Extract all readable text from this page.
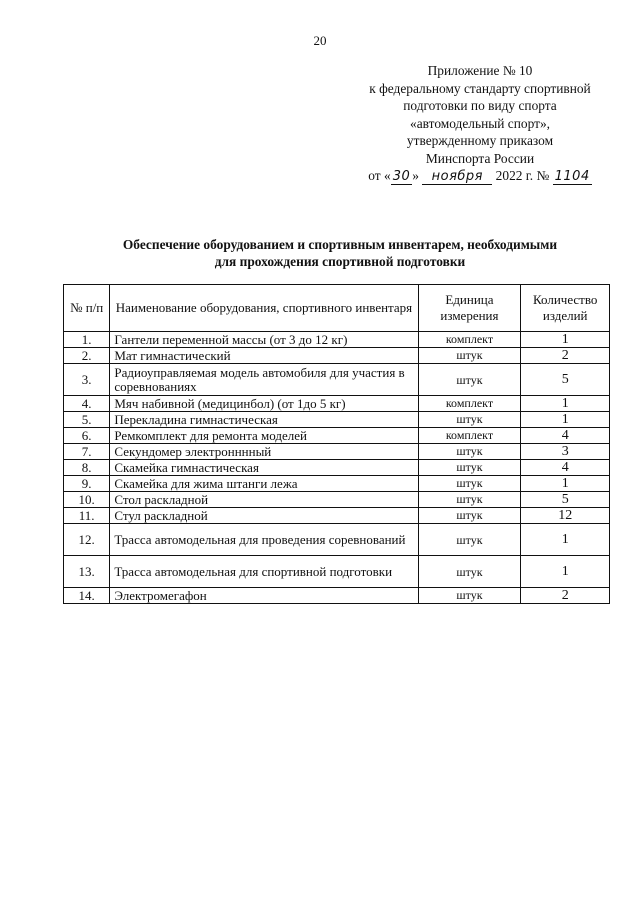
20
Приложение № 10
к федеральному стандарту спортивной
подготовки по виду спорта
«автомодельный спорт»,
утвержденному приказом
Минспорта России
от « 30 » ноября 2022 г. № 1104
Обеспечение оборудованием и спортивным инвентарем, необходимыми
для прохождения спортивной подготовки
№ п/п	Наименование оборудования, спортивного инвентаря	Единица измерения	Количество изделий
1.	Гантели переменной массы (от 3 до 12 кг)	комплект	1
2.	Мат гимнастический	штук	2
3.	Радиоуправляемая модель автомобиля для участия в соревнованиях	штук	5
4.	Мяч набивной (медицинбол) (от 1до 5 кг)	комплект	1
5.	Перекладина гимнастическая	штук	1
6.	Ремкомплект для ремонта моделей	комплект	4
7.	Секундомер электронннный	штук	3
8.	Скамейка гимнастическая	штук	4
9.	Скамейка для жима штанги лежа	штук	1
10.	Стол раскладной	штук	5
11.	Стул раскладной	штук	12
12.	Трасса автомодельная для проведения соревнований	штук	1
13.	Трасса автомодельная для спортивной подготовки	штук	1
14.	Электромегафон	штук	2
